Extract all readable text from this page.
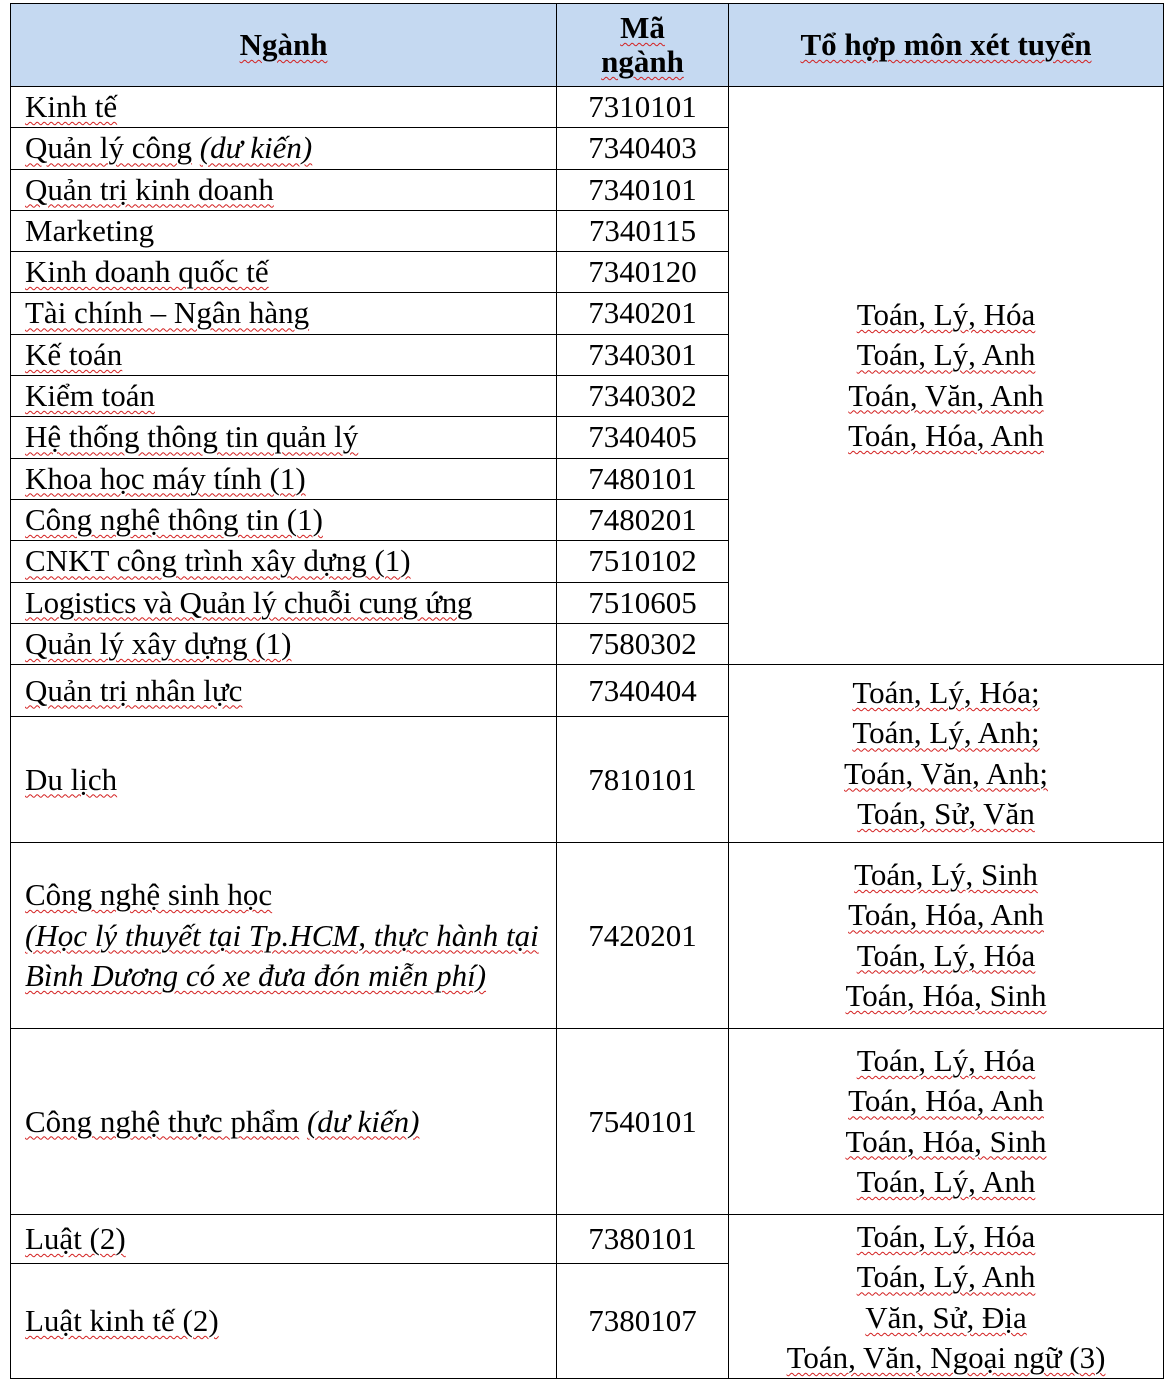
Ngành	Mã ngành	Tổ hợp môn xét tuyển
Kinh tế	7310101	Toán, Lý, Hóa
Toán, Lý, Anh
Toán, Văn, Anh
Toán, Hóa, Anh

Quản lý công (dư kiến)	7340403	
Quản trị kinh doanh	7340101	
Marketing	7340115	
Kinh doanh quốc tế	7340120	
Tài chính – Ngân hàng	7340201	
Kế toán	7340301	
Kiểm toán	7340302	
Hệ thống thông tin quản lý	7340405	
Khoa học máy tính (1)	7480101	
Công nghệ thông tin (1)	7480201	
CNKT công trình xây dựng (1)	7510102	
Logistics và Quản lý chuỗi cung ứng	7510605	
Quản lý xây dựng (1)	7580302	
Quản trị nhân lực	7340404	Toán, Lý, Hóa;
Toán, Lý, Anh;
Toán, Văn, Anh;
Toán, Sử, Văn

Du lịch	7810101	

Công nghệ sinh học
(Học lý thuyết tại Tp.HCM, thực hành tại Bình Dương có xe đưa đón miễn phí)	7420201	Toán, Lý, Sinh
Toán, Hóa, Anh
Toán, Lý, Hóa
Toán, Hóa, Sinh

Công nghệ thực phẩm (dư kiến)	7540101	Toán, Lý, Hóa
Toán, Hóa, Anh
Toán, Hóa, Sinh
Toán, Lý, Anh

Luật (2)	7380101	Toán, Lý, Hóa
Toán, Lý, Anh
Văn, Sử, Địa
Toán, Văn, Ngoại ngữ (3)

Luật kinh tế (2)	7380107	
